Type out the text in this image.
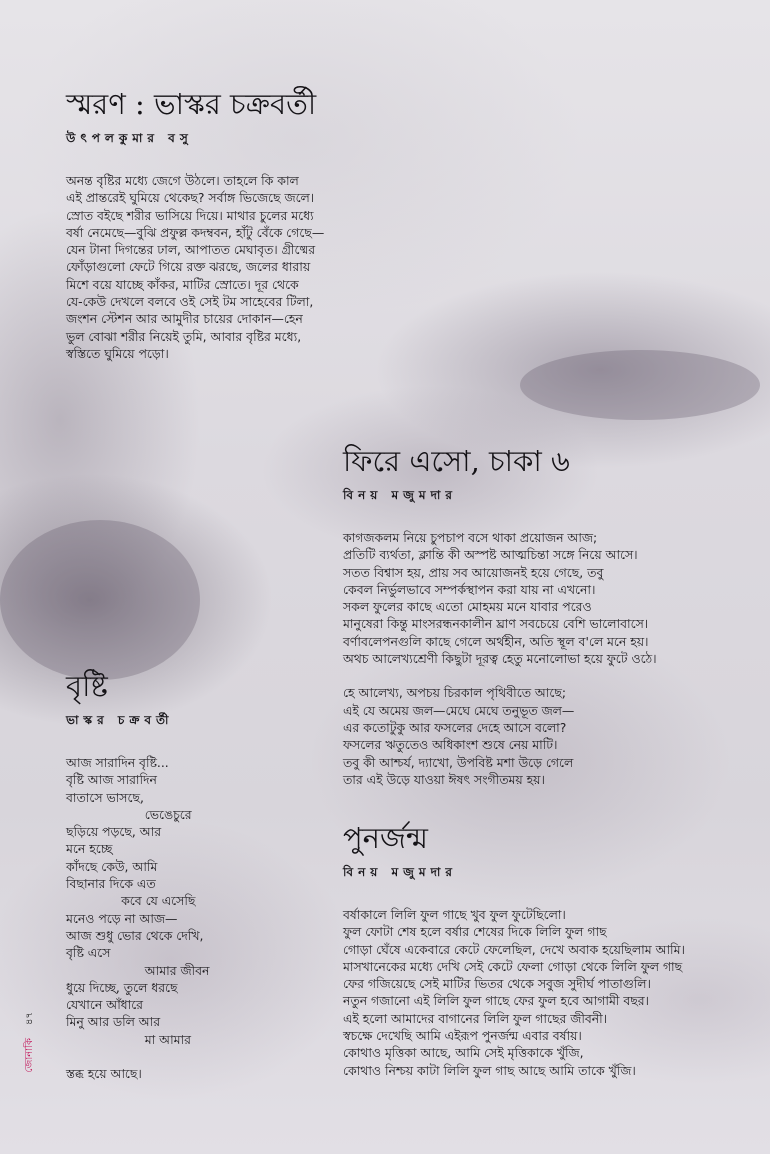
স্মরণ : ভাস্কর চক্রবর্তী
উৎপলকুমার বসু
অনন্ত বৃষ্টির মধ্যে জেগে উঠলে। তাহলে কি কাল
এই প্রান্তরেই ঘুমিয়ে থেকেছ? সর্বাঙ্গ ভিজেছে জলে।
স্রোত বইছে শরীর ভাসিয়ে দিয়ে। মাথার চুলের মধ্যে
বর্ষা নেমেছে—বুঝি প্রফুল্ল কদম্ববন, হাঁটু বেঁকে গেছে—
যেন টানা দিগন্তের ঢাল, আপাতত মেঘাবৃত। গ্রীষ্মের
ফোঁড়াগুলো ফেটে গিয়ে রক্ত ঝরছে, জলের ধারায়
মিশে বয়ে যাচ্ছে কাঁকর, মাটির স্রোতে। দূর থেকে
যে-কেউ দেখলে বলবে ওই সেই টম সাহেবের টিলা,
জংশন স্টেশন আর আমুদীর চায়ের দোকান—হেন
ভুল বোঝা শরীর নিয়েই তুমি, আবার বৃষ্টির মধ্যে,
স্বস্তিতে ঘুমিয়ে পড়ো।
ফিরে এসো, চাকা ৬
বিনয় মজুমদার
কাগজকলম নিয়ে চুপচাপ বসে থাকা প্রয়োজন আজ;
প্রতিটি ব্যর্থতা, ক্লান্তি কী অস্পষ্ট আত্মচিন্তা সঙ্গে নিয়ে আসে।
সতত বিশ্বাস হয়, প্রায় সব আয়োজনই হয়ে গেছে, তবু
কেবল নির্ভুলভাবে সম্পর্কস্থাপন করা যায় না এখনো।
সকল ফুলের কাছে এতো মোহময় মনে যাবার পরেও
মানুষেরা কিন্তু মাংসরন্ধনকালীন ঘ্রাণ সবচেয়ে বেশি ভালোবাসে।
বর্ণাবলেপনগুলি কাছে গেলে অর্থহীন, অতি স্থূল ব'লে মনে হয়।
অথচ আলেখ্যশ্রেণী কিছুটা দূরত্ব হেতু মনোলোভা হয়ে ফুটে ওঠে।
হে আলেখ্য, অপচয় চিরকাল পৃথিবীতে আছে;
এই যে অমেয় জল—মেঘে মেঘে তনুভূত জল—
এর কতোটুকু আর ফসলের দেহে আসে বলো?
ফসলের ঋতুতেও অধিকাংশ শুষে নেয় মাটি।
তবু কী আশ্চর্য, দ্যাখো, উপবিষ্ট মশা উড়ে গেলে
তার এই উড়ে যাওয়া ঈষৎ সংগীতময় হয়।
বৃষ্টি
ভাস্কর চক্রবর্তী
আজ সারাদিন বৃষ্টি...
বৃষ্টি আজ সারাদিন
বাতাসে ভাসছে,
ভেঙেচুরে
ছড়িয়ে পড়ছে, আর
মনে হচ্ছে
কাঁদছে কেউ, আমি
বিছানার দিকে এত
কবে যে এসেছি
মনেও পড়ে না আজ—
আজ শুধু ভোর থেকে দেখি,
বৃষ্টি এসে
আমার জীবন
ধুয়ে দিচ্ছে, তুলে ধরছে
যেখানে আঁধারে
মিনু আর ডলি আর
মা আমার

স্তব্ধ হয়ে আছে।
পুনর্জন্ম
বিনয় মজুমদার
বর্ষাকালে লিলি ফুল গাছে খুব ফুল ফুটেছিলো।
ফুল ফোটা শেষ হলে বর্ষার শেষের দিকে লিলি ফুল গাছ
গোড়া ঘেঁষে একেবারে কেটে ফেলেছিল, দেখে অবাক হয়েছিলাম আমি।
মাসখানেকের মধ্যে দেখি সেই কেটে ফেলা গোড়া থেকে লিলি ফুল গাছ
ফের গজিয়েছে সেই মাটির ভিতর থেকে সবুজ সুদীর্ঘ পাতাগুলি।
নতুন গজানো এই লিলি ফুল গাছে ফের ফুল হবে আগামী বছর।
এই হলো আমাদের বাগানের লিলি ফুল গাছের জীবনী।
স্বচক্ষে দেখেছি আমি এইরূপ পুনর্জন্ম এবার বর্ষায়।
কোথাও মৃত্তিকা আছে, আমি সেই মৃত্তিকাকে খুঁজি,
কোথাও নিশ্চয় কাটা লিলি ফুল গাছ আছে আমি তাকে খুঁজি।
৪৭
জোনাকি
